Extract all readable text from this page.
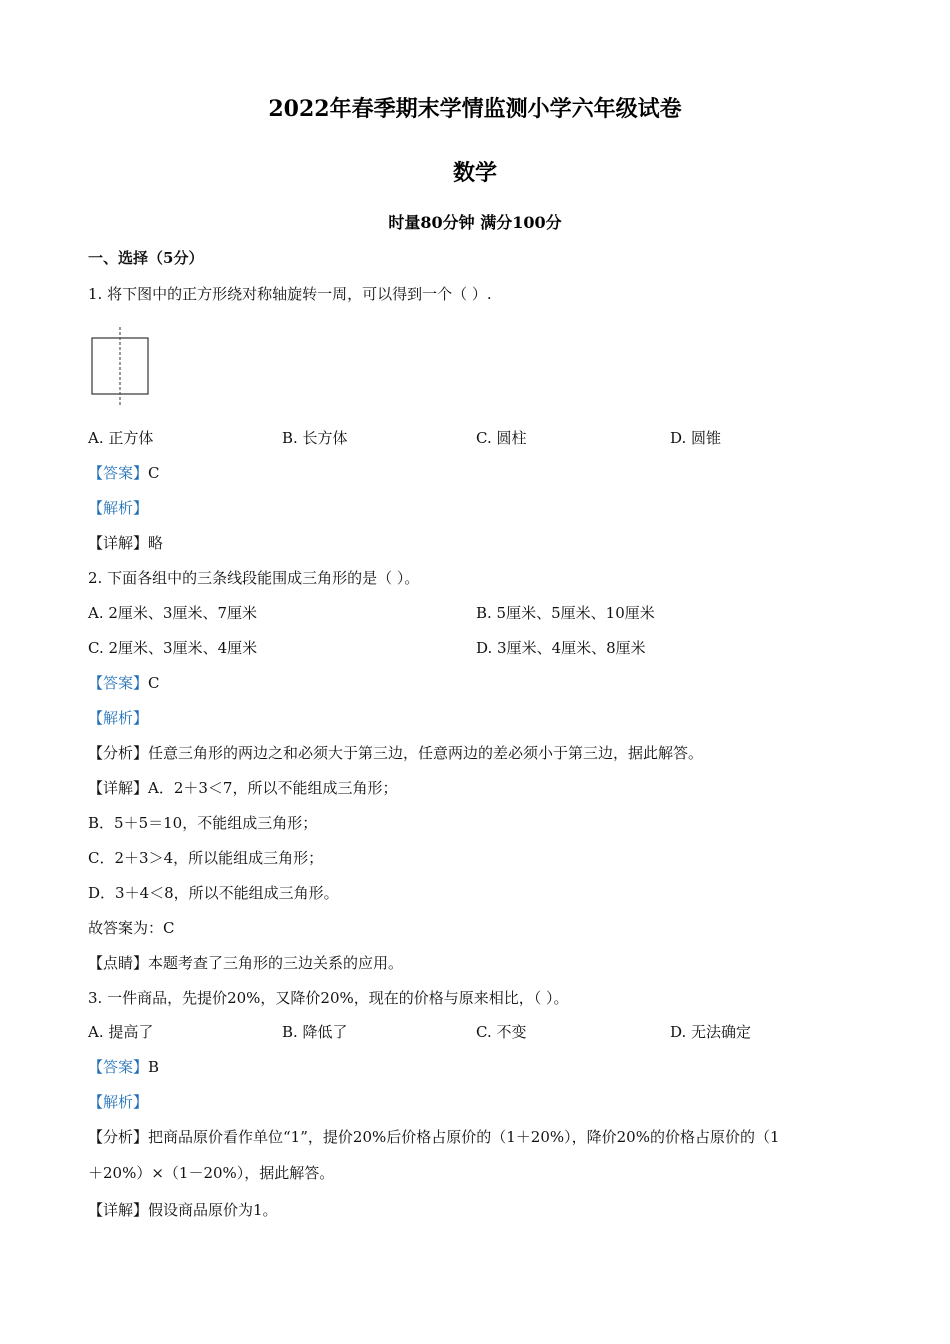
2022年春季期末学情监测小学六年级试卷
数学
时量80分钟 满分100分
一、选择（5分）
1. 将下图中的正方形绕对称轴旋转一周，可以得到一个（ ）.
A. 正方体	B. 长方体	C. 圆柱	D. 圆锥
【答案】C
【解析】
【详解】略
2. 下面各组中的三条线段能围成三角形的是（ ）。
A. 2厘米、3厘米、7厘米	B. 5厘米、5厘米、10厘米
C. 2厘米、3厘米、4厘米	D. 3厘米、4厘米、8厘米
【答案】C
【解析】
【分析】任意三角形的两边之和必须大于第三边，任意两边的差必须小于第三边，据此解答。
【详解】A．2＋3＜7，所以不能组成三角形；
B．5＋5＝10，不能组成三角形；
C．2＋3＞4，所以能组成三角形；
D．3＋4＜8，所以不能组成三角形。
故答案为：C
【点睛】本题考查了三角形的三边关系的应用。
3. 一件商品，先提价20%，又降价20%，现在的价格与原来相比，（ ）。
A. 提高了	B. 降低了	C. 不变	D. 无法确定
【答案】B
【解析】
【分析】把商品原价看作单位“1”，提价20%后价格占原价的（1＋20%），降价20%的价格占原价的（1
＋20%）×（1－20%），据此解答。
【详解】假设商品原价为1。
